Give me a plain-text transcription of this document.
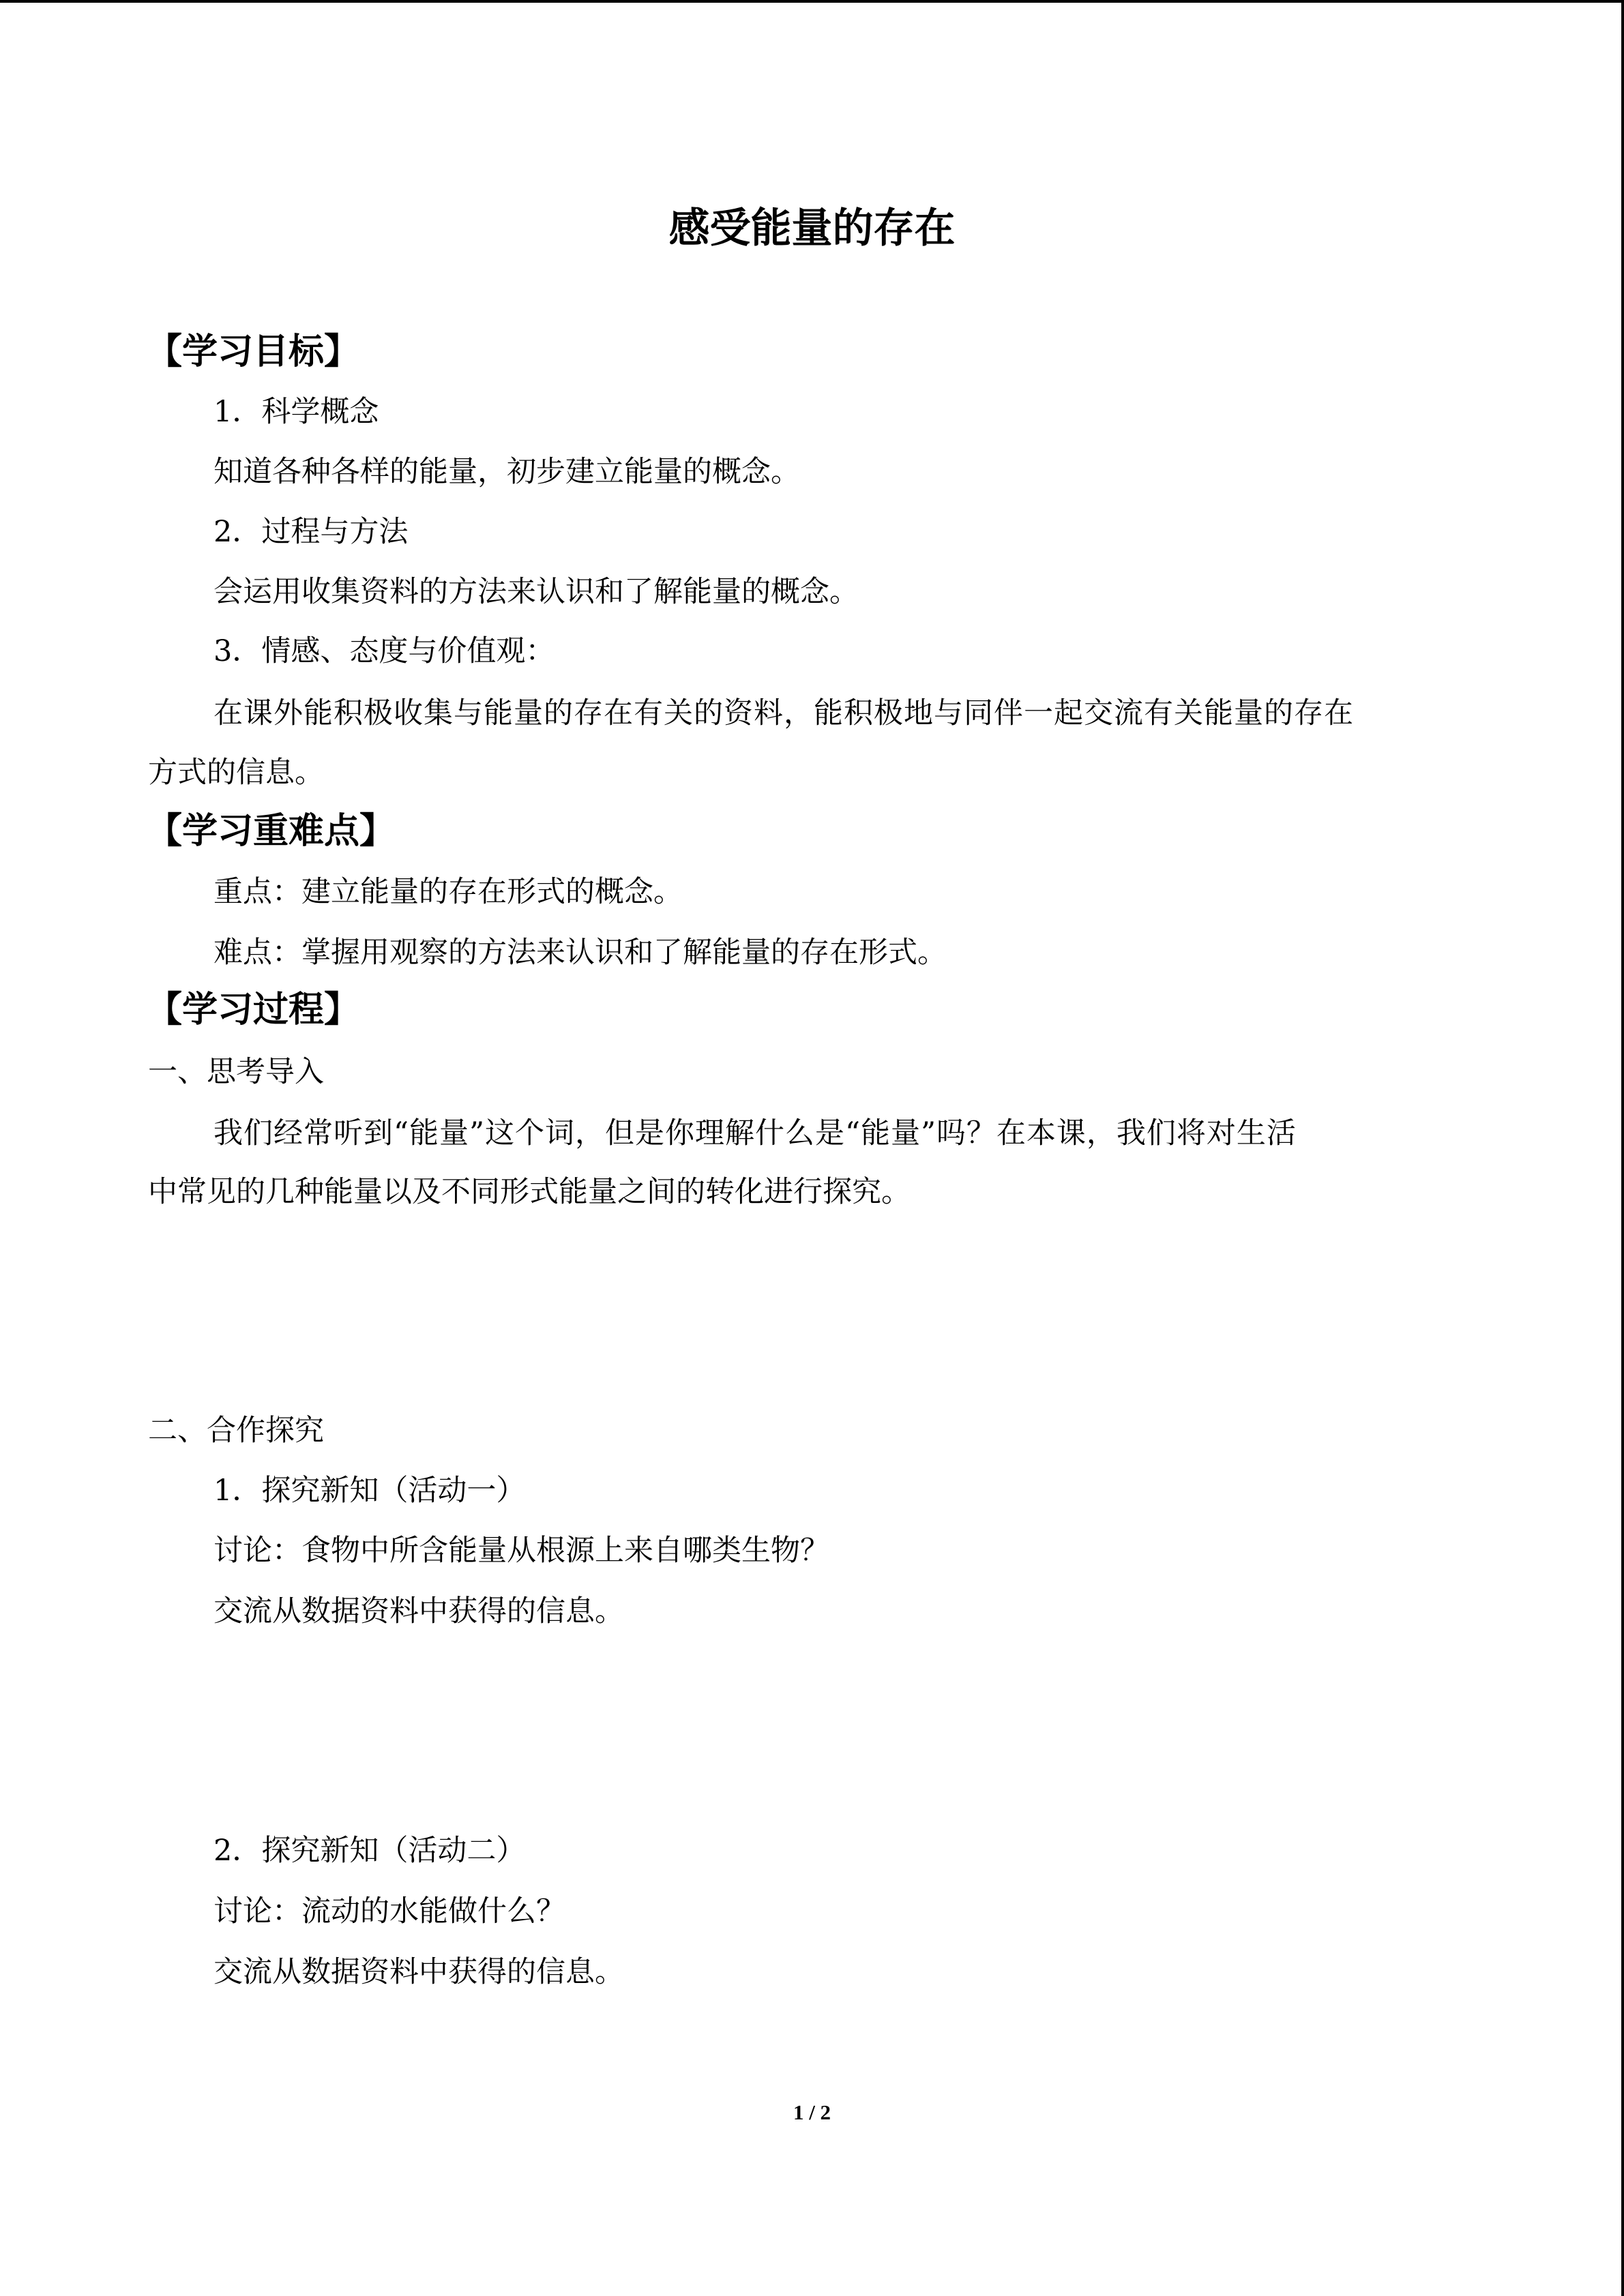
感受能量的存在
【学习目标】
1．科学概念
知道各种各样的能量，初步建立能量的概念。
2．过程与方法
会运用收集资料的方法来认识和了解能量的概念。
3．情感、态度与价值观：
在课外能积极收集与能量的存在有关的资料，能积极地与同伴一起交流有关能量的存在
方式的信息。
【学习重难点】
重点：建立能量的存在形式的概念。
难点：掌握用观察的方法来认识和了解能量的存在形式。
【学习过程】
一、思考导入
我们经常听到“能量”这个词，但是你理解什么是“能量”吗？在本课，我们将对生活
中常见的几种能量以及不同形式能量之间的转化进行探究。
二、合作探究
1．探究新知（活动一）
讨论：食物中所含能量从根源上来自哪类生物？
交流从数据资料中获得的信息。
2．探究新知（活动二）
讨论：流动的水能做什么？
交流从数据资料中获得的信息。
1 / 2
